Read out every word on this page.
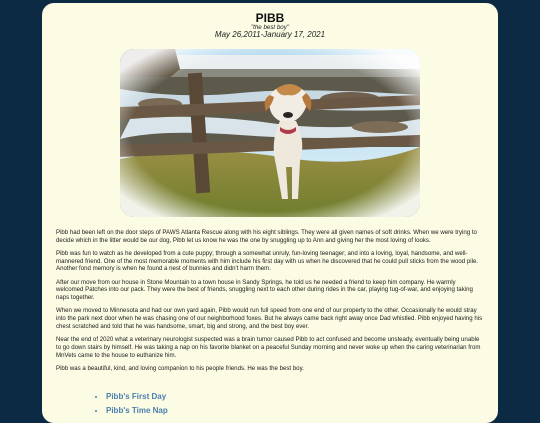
PIBB
"the best boy"
May 26,2011-January 17, 2021

Pibb had been left on the door steps of PAWS Atlanta Rescue along with his eight siblings. They were all given names of soft drinks. When we were trying to decide which in the litter would be our dog, Pibb let us know he was the one by snuggling up to Ann and giving her the most loving of looks.

Pibb was fun to watch as he developed from a cute puppy; through a somewhat unruly, fun-loving teenager; and into a loving, loyal, handsome, and well-mannered friend. One of the most memorable moments with him include his first day with us when he discovered that he could pull sticks from the wood pile. Another fond memory is when he found a nest of bunnies and didn't harm them.

After our move from our house in Stone Mountain to a town house in Sandy Springs, he told us he needed a friend to keep him company. He warmly welcomed Patches into our pack. They were the best of friends, snuggling next to each other during rides in the car, playing tug-of-war, and enjoying taking naps together.

When we moved to Minnesota and had our own yard again, Pibb would run full speed from one end of our property to the other. Occasionally he would stray into the park next door when he was chasing one of our neighborhood foxes. But he always came back right away once Dad whistled. Pibb enjoyed having his chest scratched and told that he was handsome, smart, big and strong, and the best boy ever.

Near the end of 2020 what a veterinary neurologist suspected was a brain tumor caused Pibb to act confused and become unsteady, eventually being unable to go down stairs by himself. He was taking a nap on his favorite blanket on a peaceful Sunday morning and never woke up when the caring veterinarian from MnVets came to the house to euthanize him.

Pibb was a beautiful, kind, and loving companion to his people friends. He was the best boy.

• Pibb's First Day
• Pibb's Time Nap
